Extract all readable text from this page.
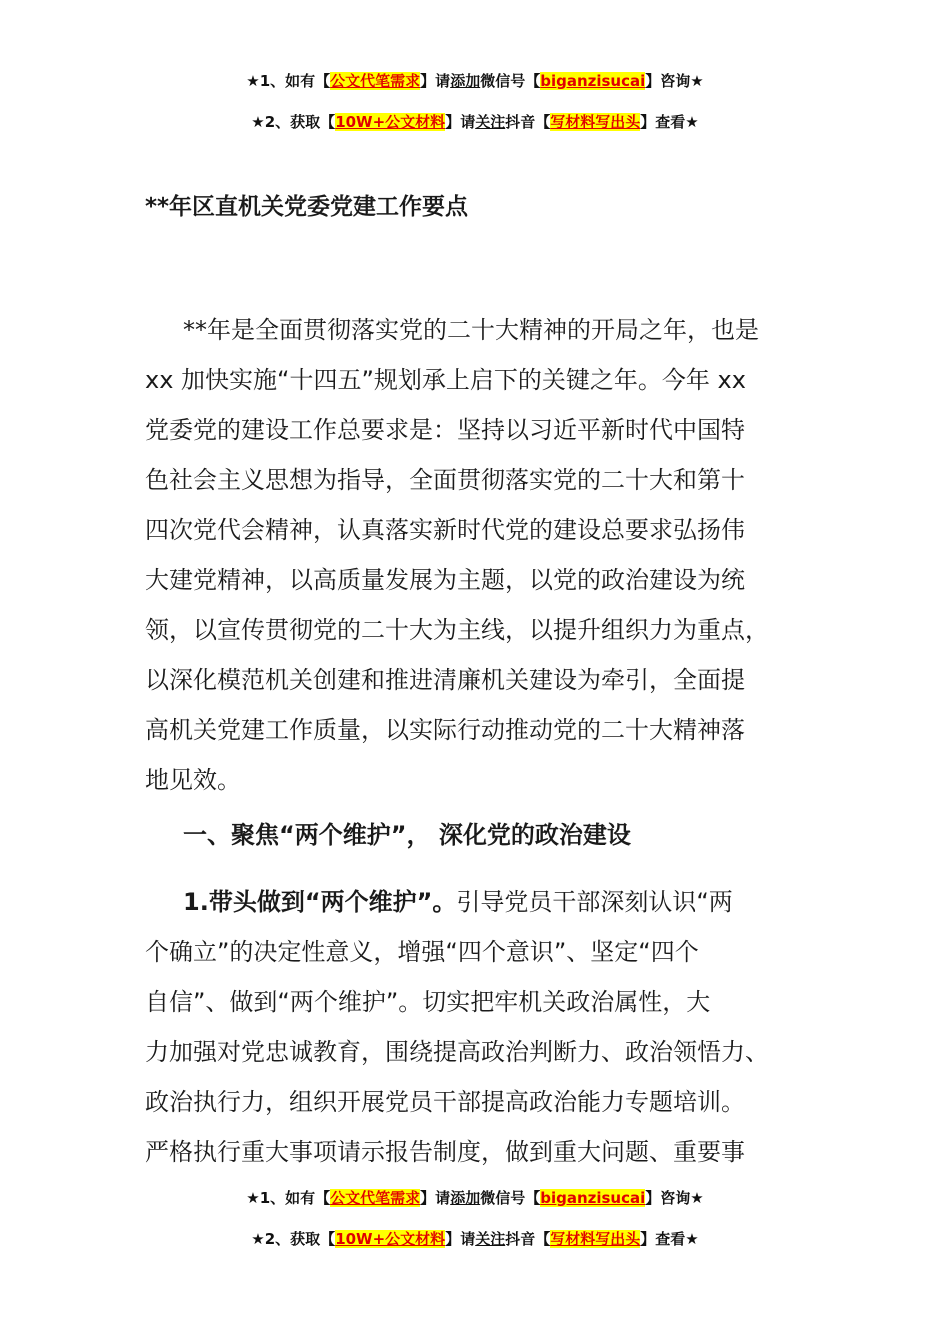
★1、如有【公文代笔需求】请添加微信号【biganzisucai】咨询★
★2、获取【10W+公文材料】请关注抖音【写材料写出头】查看★
**年区直机关党委党建工作要点
**年是全面贯彻落实党的二十大精神的开局之年，也是
xx 加快实施“十四五”规划承上启下的关键之年。今年 xx
党委党的建设工作总要求是：坚持以习近平新时代中国特
色社会主义思想为指导，全面贯彻落实党的二十大和第十
四次党代会精神，认真落实新时代党的建设总要求弘扬伟
大建党精神，以高质量发展为主题，以党的政治建设为统
领，以宣传贯彻党的二十大为主线，以提升组织力为重点，
以深化模范机关创建和推进清廉机关建设为牵引，全面提
高机关党建工作质量，以实际行动推动党的二十大精神落
地见效。
一、聚焦“两个维护”， 深化党的政治建设
1.带头做到“两个维护”。引导党员干部深刻认识“两
个确立”的决定性意义，增强“四个意识”、坚定“四个
自信”、做到“两个维护”。切实把牢机关政治属性，大
力加强对党忠诚教育，围绕提高政治判断力、政治领悟力、
政治执行力，组织开展党员干部提高政治能力专题培训。
严格执行重大事项请示报告制度，做到重大问题、重要事
★1、如有【公文代笔需求】请添加微信号【biganzisucai】咨询★
★2、获取【10W+公文材料】请关注抖音【写材料写出头】查看★
